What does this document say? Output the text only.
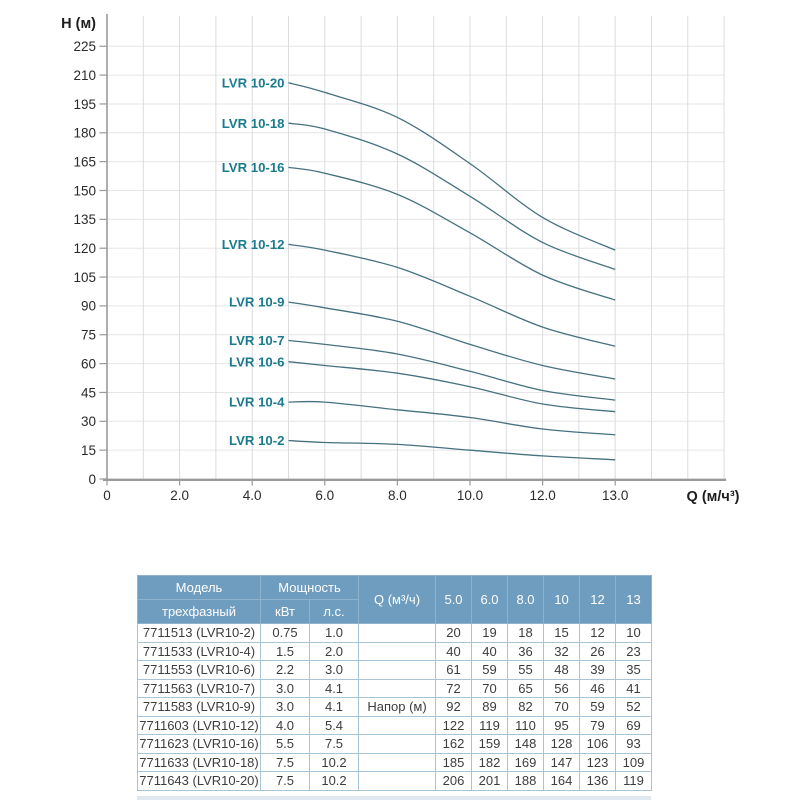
0
15
30
45
60
75
90
105
120
135
150
165
180
195
210
225
0	2.0	4.0	6.0	8.0	10.0	12.0	13.0
Н (м)
Q (м/ч³)
LVR 10-20
LVR 10-18
LVR 10-16
LVR 10-12
LVR 10-9
LVR 10-7
LVR 10-6
LVR 10-4
LVR 10-2
Модель	Мощность		Q (м³/ч)	5.0	6.0	8.0	10	12	13
трехфазный	кВт	л.с.							
7711513 (LVR10-2)	0.75	1.0		20	19	18	15	12	10
7711533 (LVR10-4)	1.5	2.0		40	40	36	32	26	23
7711553 (LVR10-6)	2.2	3.0		61	59	55	48	39	35
7711563 (LVR10-7)	3.0	4.1		72	70	65	56	46	41
7711583 (LVR10-9)	3.0	4.1	Напор (м)	92	89	82	70	59	52
7711603 (LVR10-12)	4.0	5.4		122	119	110	95	79	69
7711623 (LVR10-16)	5.5	7.5		162	159	148	128	106	93
7711633 (LVR10-18)	7.5	10.2		185	182	169	147	123	109
7711643 (LVR10-20)	7.5	10.2		206	201	188	164	136	119
